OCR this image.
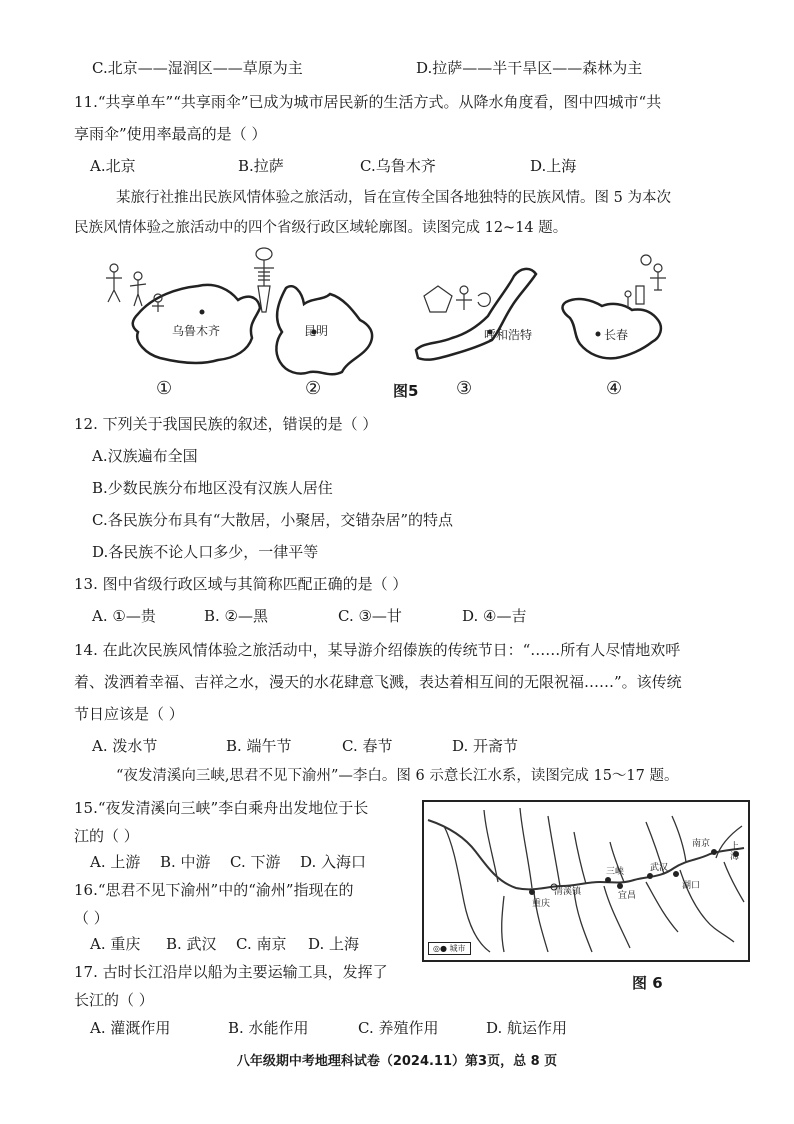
C.北京——湿润区——草原为主	D.拉萨——半干旱区——森林为主
11.“共享单车”“共享雨伞”已成为城市居民新的生活方式。从降水角度看，图中四城市“共
享雨伞”使用率最高的是（ ）
A.北京	B.拉萨	C.乌鲁木齐	D.上海
某旅行社推出民族风情体验之旅活动，旨在宣传全国各地独特的民族风情。图 5 为本次
民族风情体验之旅活动中的四个省级行政区域轮廓图。读图完成 12~14 题。
乌鲁木齐	昆明	呼和浩特	长春
①	②	图5 ③	④
12. 下列关于我国民族的叙述，错误的是（ ）
A.汉族遍布全国
B.少数民族分布地区没有汉族人居住
C.各民族分布具有“大散居，小聚居，交错杂居”的特点
D.各民族不论人口多少，一律平等
13. 图中省级行政区域与其简称匹配正确的是（ ）
A. ①—贵	B. ②—黑	C. ③—甘	D. ④—吉
14. 在此次民族风情体验之旅活动中，某导游介绍傣族的传统节日：“……所有人尽情地欢呼
着、泼洒着幸福、吉祥之水，漫天的水花肆意飞溅，表达着相互间的无限祝福……”。该传统
节日应该是（ ）
A. 泼水节	B. 端午节	C. 春节	D. 开斋节
“夜发清溪向三峡,思君不见下渝州”—李白。图 6 示意长江水系，读图完成 15～17 题。
15.“夜发清溪向三峡”李白乘舟出发地位于长
江的（ ）
A. 上游 B. 中游 C. 下游 D. 入海口
16.“思君不见下渝州”中的“渝州”指现在的
（ ）
A. 重庆 B. 武汉 C. 南京 D. 上海
17. 古时长江沿岸以船为主要运输工具，发挥了
长江的（ ）
A. 灌溉作用	B. 水能作用	C. 养殖作用	D. 航运作用
清溪镇
重庆
三峡
宜昌
武汉
湖口
南京 上海
◎● 城市
图 6
八年级期中考地理科试卷（2024.11）第3页，总 8 页
